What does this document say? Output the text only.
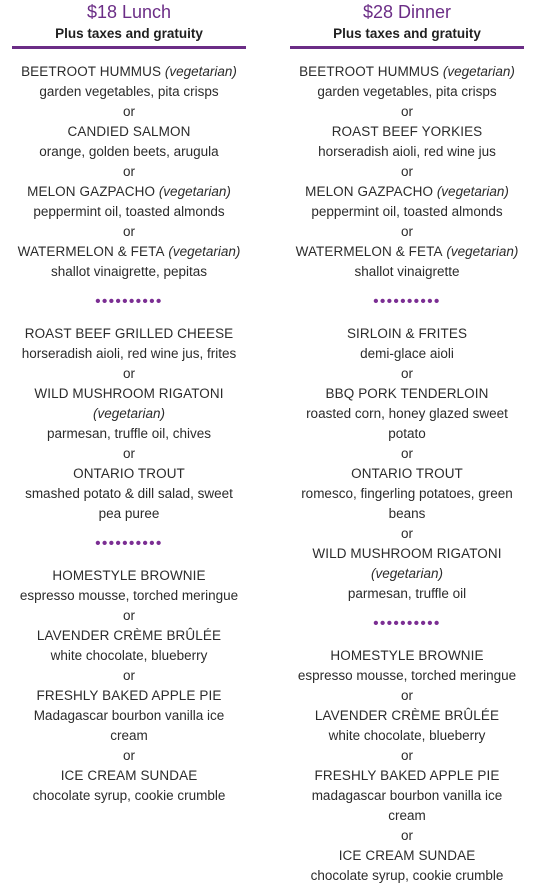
$18 Lunch
Plus taxes and gratuity
BEETROOT HUMMUS (vegetarian)
garden vegetables, pita crisps
or
CANDIED SALMON
orange, golden beets, arugula
or
MELON GAZPACHO (vegetarian)
peppermint oil, toasted almonds
or
WATERMELON & FETA (vegetarian)
shallot vinaigrette, pepitas
••••••••••
ROAST BEEF GRILLED CHEESE
horseradish aioli, red wine jus, frites
or
WILD MUSHROOM RIGATONI
(vegetarian)
parmesan, truffle oil, chives
or
ONTARIO TROUT
smashed potato & dill salad, sweet
pea puree
••••••••••
HOMESTYLE BROWNIE
espresso mousse, torched meringue
or
LAVENDER CRÈME BRÛLÉE
white chocolate, blueberry
or
FRESHLY BAKED APPLE PIE
Madagascar bourbon vanilla ice
cream
or
ICE CREAM SUNDAE
chocolate syrup, cookie crumble
$28 Dinner
Plus taxes and gratuity
BEETROOT HUMMUS (vegetarian)
garden vegetables, pita crisps
or
ROAST BEEF YORKIES
horseradish aioli, red wine jus
or
MELON GAZPACHO (vegetarian)
peppermint oil, toasted almonds
or
WATERMELON & FETA (vegetarian)
shallot vinaigrette
••••••••••
SIRLOIN & FRITES
demi-glace aioli
or
BBQ PORK TENDERLOIN
roasted corn, honey glazed sweet
potato
or
ONTARIO TROUT
romesco, fingerling potatoes, green
beans
or
WILD MUSHROOM RIGATONI
(vegetarian)
parmesan, truffle oil
••••••••••
HOMESTYLE BROWNIE
espresso mousse, torched meringue
or
LAVENDER CRÈME BRÛLÉE
white chocolate, blueberry
or
FRESHLY BAKED APPLE PIE
madagascar bourbon vanilla ice
cream
or
ICE CREAM SUNDAE
chocolate syrup, cookie crumble
